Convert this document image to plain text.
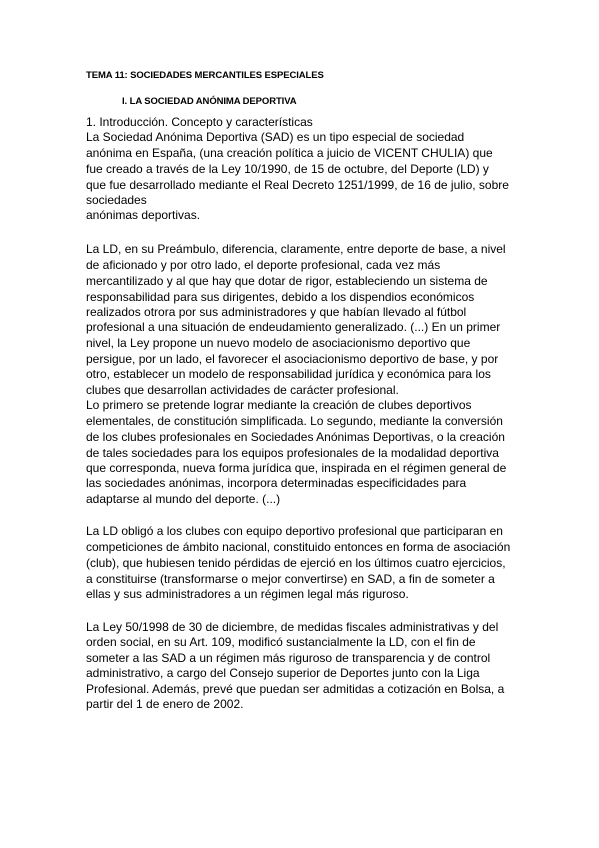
TEMA 11: SOCIEDADES MERCANTILES ESPECIALES
I. LA SOCIEDAD ANÓNIMA DEPORTIVA
1. Introducción. Concepto y características
La Sociedad Anónima Deportiva (SAD) es un tipo especial de sociedad
anónima en España, (una creación política a juicio de VICENT CHULIA) que
fue creado a través de la Ley 10/1990, de 15 de octubre, del Deporte (LD) y
que fue desarrollado mediante el Real Decreto 1251/1999, de 16 de julio, sobre
sociedades
anónimas deportivas.
La LD, en su Preámbulo, diferencia, claramente, entre deporte de base, a nivel
de aficionado y por otro lado, el deporte profesional, cada vez más
mercantilizado y al que hay que dotar de rigor, estableciendo un sistema de
responsabilidad para sus dirigentes, debido a los dispendios económicos
realizados otrora por sus administradores y que habían llevado al fútbol
profesional a una situación de endeudamiento generalizado. (...) En un primer
nivel, la Ley propone un nuevo modelo de asociacionismo deportivo que
persigue, por un lado, el favorecer el asociacionismo deportivo de base, y por
otro, establecer un modelo de responsabilidad jurídica y económica para los
clubes que desarrollan actividades de carácter profesional.
Lo primero se pretende lograr mediante la creación de clubes deportivos
elementales, de constitución simplificada. Lo segundo, mediante la conversión
de los clubes profesionales en Sociedades Anónimas Deportivas, o la creación
de tales sociedades para los equipos profesionales de la modalidad deportiva
que corresponda, nueva forma jurídica que, inspirada en el régimen general de
las sociedades anónimas, incorpora determinadas especificidades para
adaptarse al mundo del deporte. (...)
La LD obligó a los clubes con equipo deportivo profesional que participaran en
competiciones de ámbito nacional, constituido entonces en forma de asociación
(club), que hubiesen tenido pérdidas de ejerció en los últimos cuatro ejercicios,
a constituirse (transformarse o mejor convertirse) en SAD, a fin de someter a
ellas y sus administradores a un régimen legal más riguroso.
La Ley 50/1998 de 30 de diciembre, de medidas fiscales administrativas y del
orden social, en su Art. 109, modificó sustancialmente la LD, con el fin de
someter a las SAD a un régimen más riguroso de transparencia y de control
administrativo, a cargo del Consejo superior de Deportes junto con la Liga
Profesional. Además, prevé que puedan ser admitidas a cotización en Bolsa, a
partir del 1 de enero de 2002.
